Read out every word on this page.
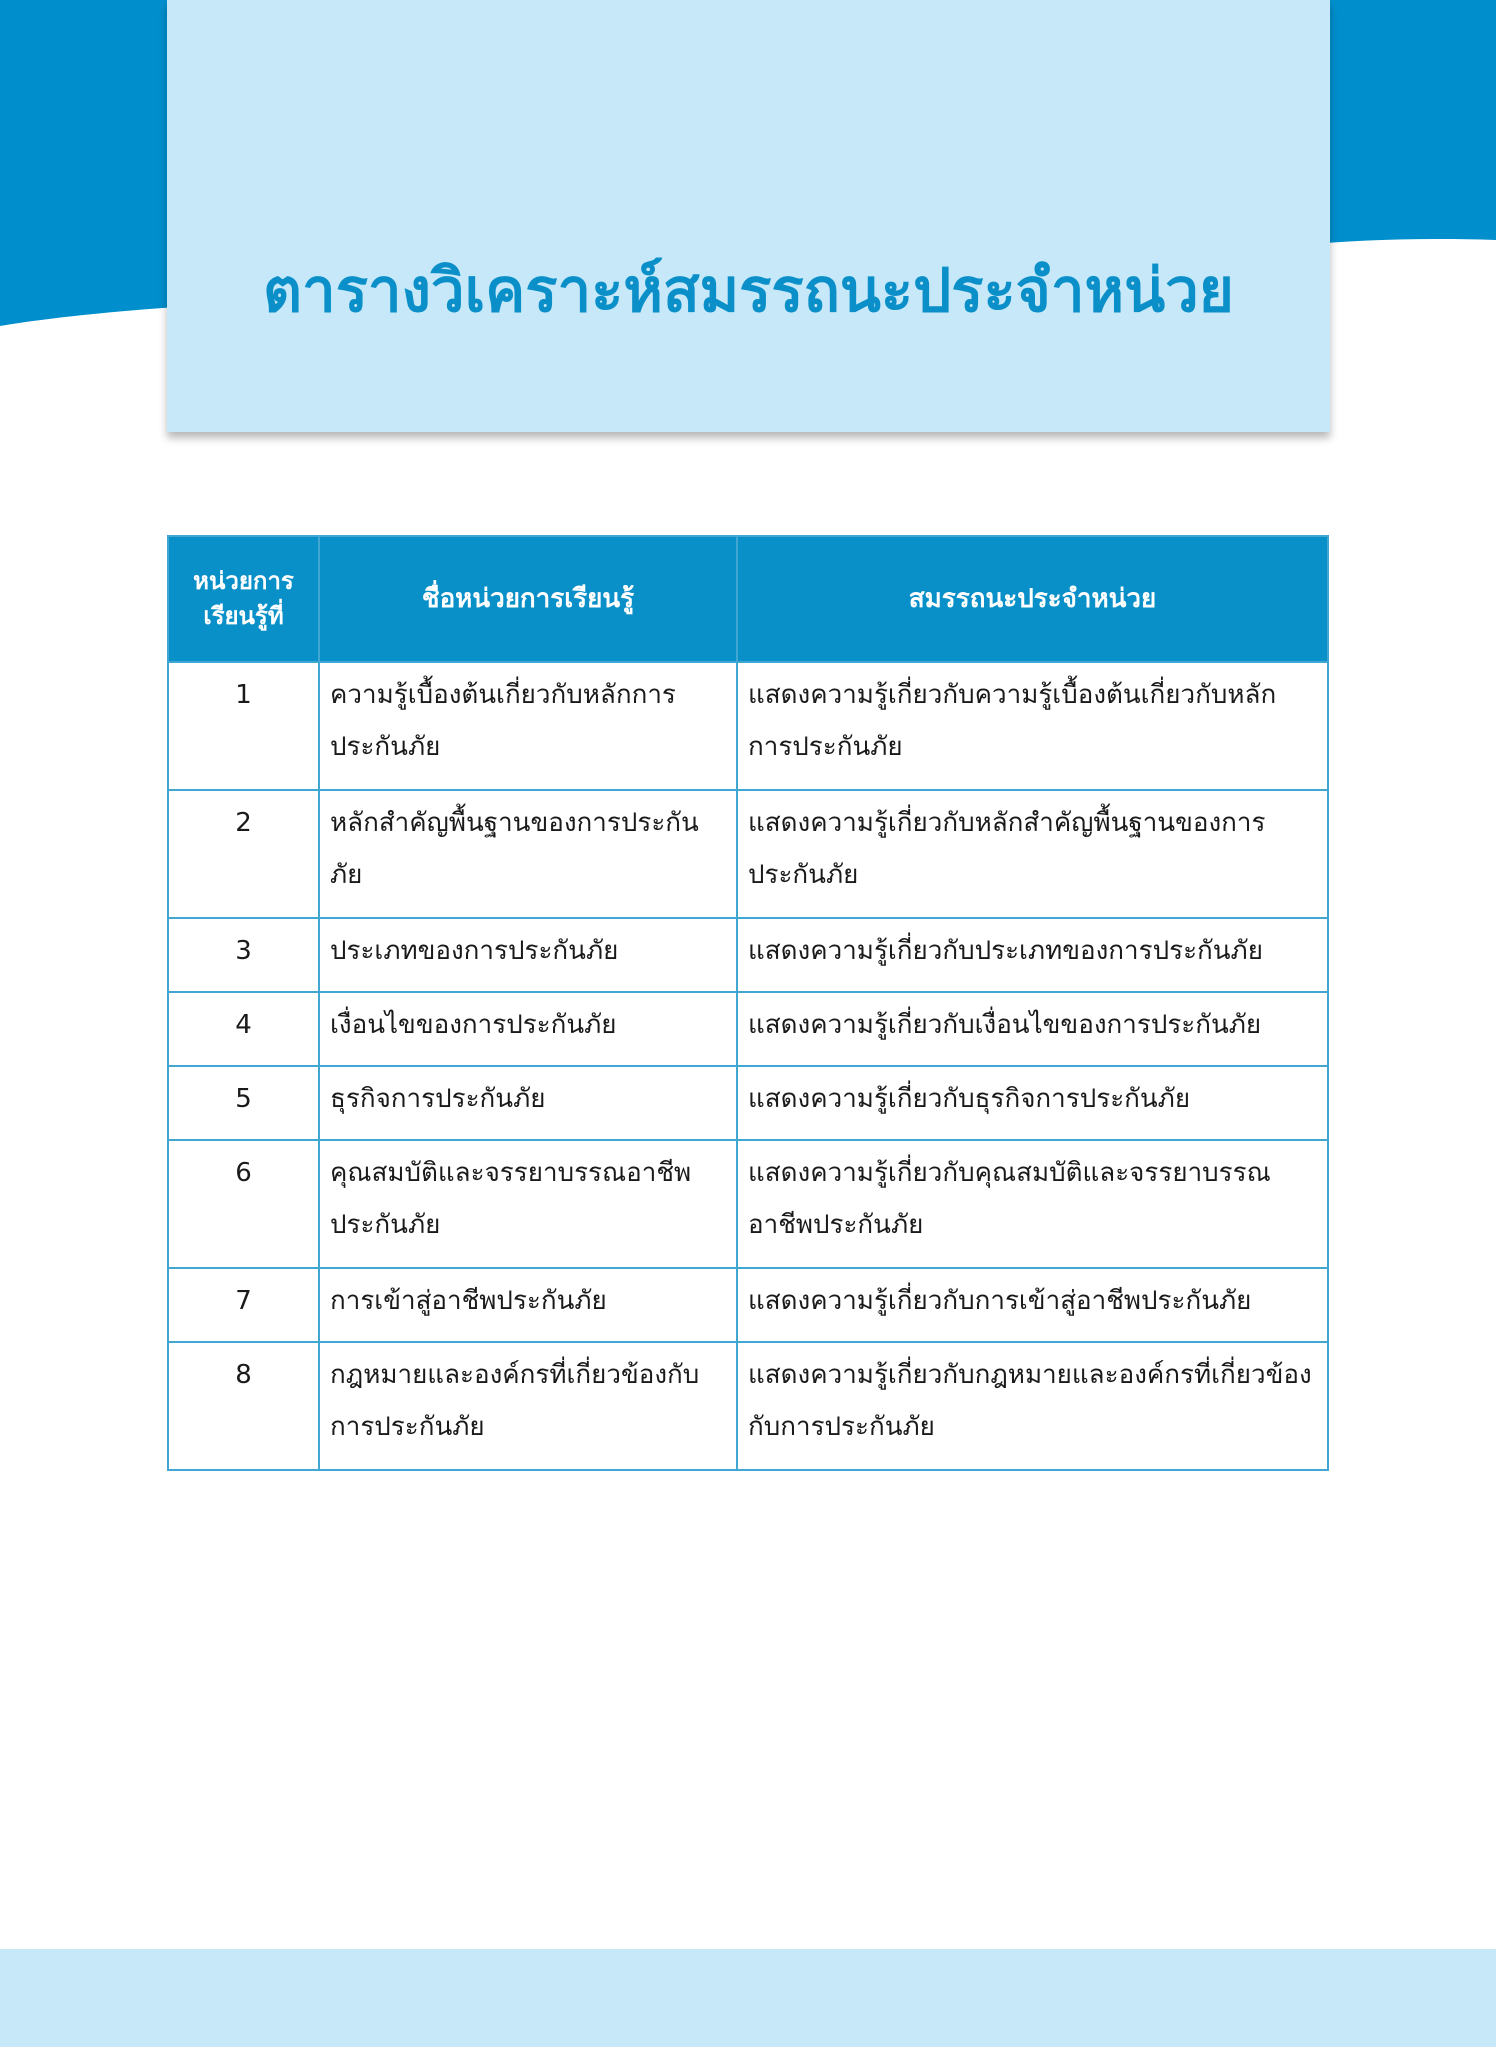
ตารางวิเคราะห์สมรรถนะประจำหน่วย
หน่วยการเรียนรู้ที่	ชื่อหน่วยการเรียนรู้	สมรรถนะประจำหน่วย
1	ความรู้เบื้องต้นเกี่ยวกับหลักการประกันภัย	แสดงความรู้เกี่ยวกับความรู้เบื้องต้นเกี่ยวกับหลักการประกันภัย
2	หลักสำคัญพื้นฐานของการประกันภัย	แสดงความรู้เกี่ยวกับหลักสำคัญพื้นฐานของการประกันภัย
3	ประเภทของการประกันภัย	แสดงความรู้เกี่ยวกับประเภทของการประกันภัย
4	เงื่อนไขของการประกันภัย	แสดงความรู้เกี่ยวกับเงื่อนไขของการประกันภัย
5	ธุรกิจการประกันภัย	แสดงความรู้เกี่ยวกับธุรกิจการประกันภัย
6	คุณสมบัติและจรรยาบรรณอาชีพประกันภัย	แสดงความรู้เกี่ยวกับคุณสมบัติและจรรยาบรรณอาชีพประกันภัย
7	การเข้าสู่อาชีพประกันภัย	แสดงความรู้เกี่ยวกับการเข้าสู่อาชีพประกันภัย
8	กฎหมายและองค์กรที่เกี่ยวข้องกับการประกันภัย	แสดงความรู้เกี่ยวกับกฎหมายและองค์กรที่เกี่ยวข้องกับการประกันภัย
